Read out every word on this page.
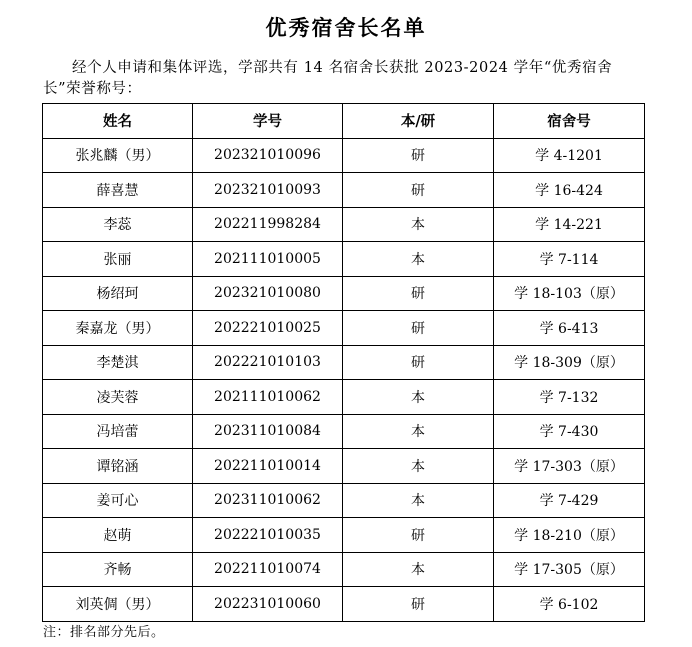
优秀宿舍长名单
经个人申请和集体评选，学部共有 14 名宿舍长获批 2023-2024 学年“优秀宿舍长”荣誉称号：
姓名	学号	本/研	宿舍号
张兆麟（男）	202321010096	研	学 4-1201
薛喜慧	202321010093	研	学 16-424
李蕊	202211998284	本	学 14-221
张丽	202111010005	本	学 7-114
杨绍珂	202321010080	研	学 18-103（原）
秦嘉龙（男）	202221010025	研	学 6-413
李楚淇	202221010103	研	学 18-309（原）
凌芙蓉	202111010062	本	学 7-132
冯培蕾	202311010084	本	学 7-430
谭铭涵	202211010014	本	学 17-303（原）
姜可心	202311010062	本	学 7-429
赵萌	202221010035	研	学 18-210（原）
齐畅	202211010074	本	学 17-305（原）
刘英倜（男）	202231010060	研	学 6-102
注：排名部分先后。
